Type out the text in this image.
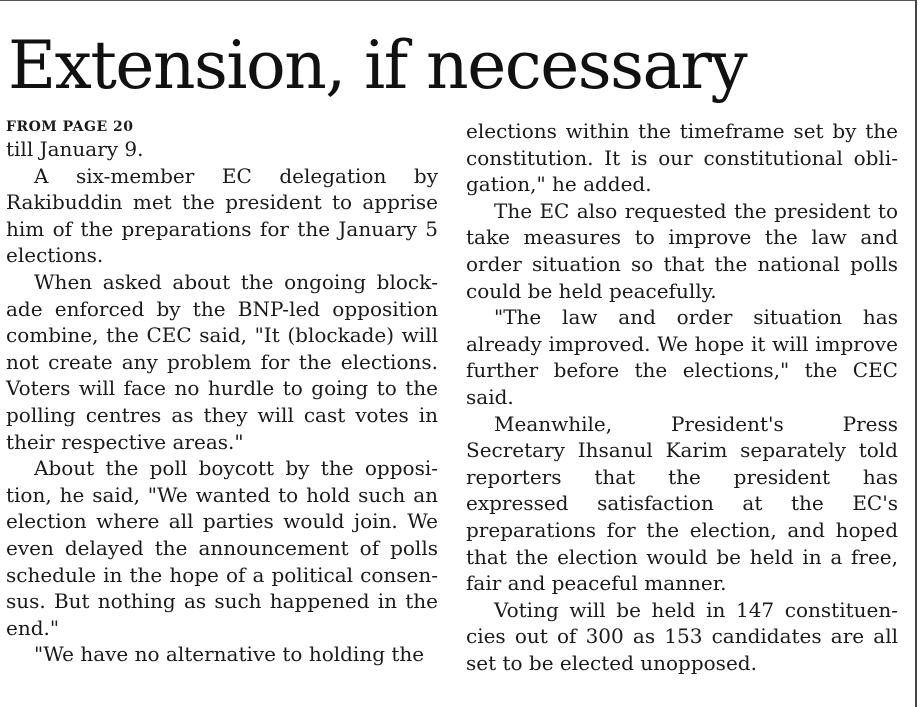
Extension, if necessary

FROM PAGE 20

till January 9.

A six-member EC delegation by Rakibuddin met the president to apprise him of the preparations for the January 5 elections.

When asked about the ongoing blockade enforced by the BNP-led opposition combine, the CEC said, "It (blockade) will not create any problem for the elections. Voters will face no hurdle to going to the polling centres as they will cast votes in their respective areas."

About the poll boycott by the opposition, he said, "We wanted to hold such an election where all parties would join. We even delayed the announcement of polls schedule in the hope of a political consensus. But nothing as such happened in the end."

"We have no alternative to holding the

elections within the timeframe set by the constitution. It is our constitutional obligation," he added.

The EC also requested the president to take measures to improve the law and order situation so that the national polls could be held peacefully.

"The law and order situation has already improved. We hope it will improve further before the elections," the CEC said.

Meanwhile, President's Press Secretary Ihsanul Karim separately told reporters that the president has expressed satisfaction at the EC's preparations for the election, and hoped that the election would be held in a free, fair and peaceful manner.

Voting will be held in 147 constituencies out of 300 as 153 candidates are all set to be elected unopposed.
